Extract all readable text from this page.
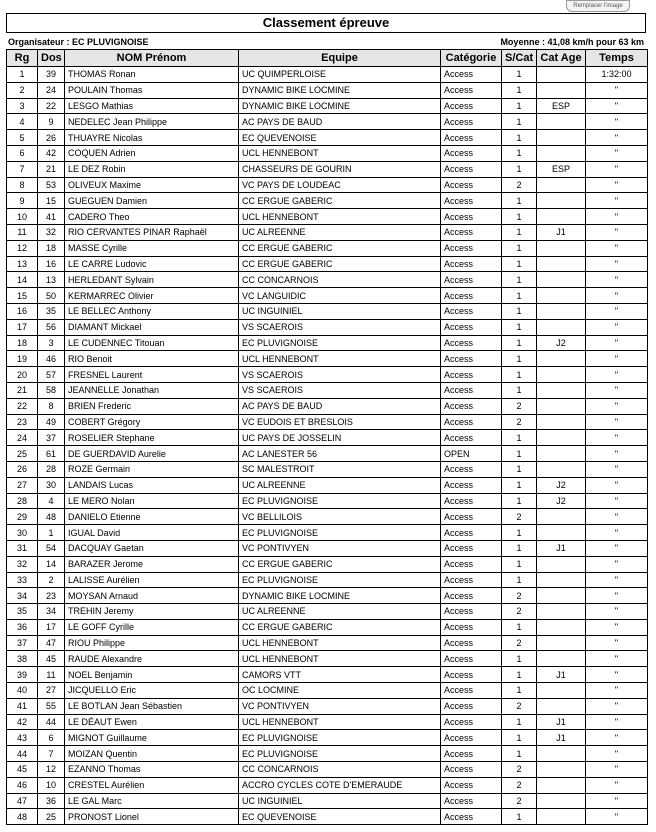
Remplacer l'image
Classement épreuve
Organisateur : EC PLUVIGNOISE	Moyenne : 41,08 km/h pour 63 km
Rg	Dos	NOM Prénom	Equipe	Catégorie	S/Cat	Cat Age	Temps
1	39	THOMAS Ronan	UC QUIMPERLOISE	Access	1		1:32:00
2	24	POULAIN Thomas	DYNAMIC BIKE LOCMINE	Access	1		"
3	22	LESGO Mathias	DYNAMIC BIKE LOCMINE	Access	1	ESP	"
4	9	NEDELEC Jean Philippe	AC PAYS DE BAUD	Access	1		"
5	26	THUAYRE Nicolas	EC QUEVENOISE	Access	1		"
6	42	COQUEN Adrien	UCL HENNEBONT	Access	1		"
7	21	LE DEZ Robin	CHASSEURS DE GOURIN	Access	1	ESP	"
8	53	OLIVEUX Maxime	VC PAYS DE LOUDEAC	Access	2		"
9	15	GUEGUEN Damien	CC ERGUE GABERIC	Access	1		"
10	41	CADERO Theo	UCL HENNEBONT	Access	1		"
11	32	RIO CERVANTES PINAR Raphaël	UC ALREENNE	Access	1	J1	"
12	18	MASSE Cyrille	CC ERGUE GABERIC	Access	1		"
13	16	LE CARRE Ludovic	CC ERGUE GABERIC	Access	1		"
14	13	HERLEDANT Sylvain	CC CONCARNOIS	Access	1		"
15	50	KERMARREC Olivier	VC LANGUIDIC	Access	1		"
16	35	LE BELLEC Anthony	UC INGUINIEL	Access	1		"
17	56	DIAMANT Mickael	VS SCAEROIS	Access	1		"
18	3	LE CUDENNEC Titouan	EC PLUVIGNOISE	Access	1	J2	"
19	46	RIO Benoit	UCL HENNEBONT	Access	1		"
20	57	FRESNEL Laurent	VS SCAEROIS	Access	1		"
21	58	JEANNELLE Jonathan	VS SCAEROIS	Access	1		"
22	8	BRIEN Frederic	AC PAYS DE BAUD	Access	2		"
23	49	COBERT Grégory	VC EUDOIS ET BRESLOIS	Access	2		"
24	37	ROSELIER Stephane	UC PAYS DE JOSSELIN	Access	1		"
25	61	DE GUERDAVID Aurelie	AC LANESTER 56	OPEN	1		"
26	28	ROZE Germain	SC MALESTROIT	Access	1		"
27	30	LANDAIS Lucas	UC ALREENNE	Access	1	J2	"
28	4	LE MERO Nolan	EC PLUVIGNOISE	Access	1	J2	"
29	48	DANIELO Etienne	VC BELLILOIS	Access	2		"
30	1	IGUAL David	EC PLUVIGNOISE	Access	1		"
31	54	DACQUAY Gaetan	VC PONTIVYEN	Access	1	J1	"
32	14	BARAZER Jerome	CC ERGUE GABERIC	Access	1		"
33	2	LALISSE Aurélien	EC PLUVIGNOISE	Access	1		"
34	23	MOYSAN Arnaud	DYNAMIC BIKE LOCMINE	Access	2		"
35	34	TREHIN Jeremy	UC ALREENNE	Access	2		"
36	17	LE GOFF Cyrille	CC ERGUE GABERIC	Access	1		"
37	47	RIOU Philippe	UCL HENNEBONT	Access	2		"
38	45	RAUDE Alexandre	UCL HENNEBONT	Access	1		"
39	11	NOEL Benjamin	CAMORS VTT	Access	1	J1	"
40	27	JICQUELLO Eric	OC LOCMINE	Access	1		"
41	55	LE BOTLAN Jean Sébastien	VC PONTIVYEN	Access	2		"
42	44	LE DÉAUT Ewen	UCL HENNEBONT	Access	1	J1	"
43	6	MIGNOT Guillaume	EC PLUVIGNOISE	Access	1	J1	"
44	7	MOIZAN Quentin	EC PLUVIGNOISE	Access	1		"
45	12	EZANNO Thomas	CC CONCARNOIS	Access	2		"
46	10	CRESTEL Aurélien	ACCRO CYCLES COTE D'EMERAUDE	Access	2		"
47	36	LE GAL Marc	UC INGUINIEL	Access	2		"
48	25	PRONOST Lionel	EC QUEVENOISE	Access	1		"
